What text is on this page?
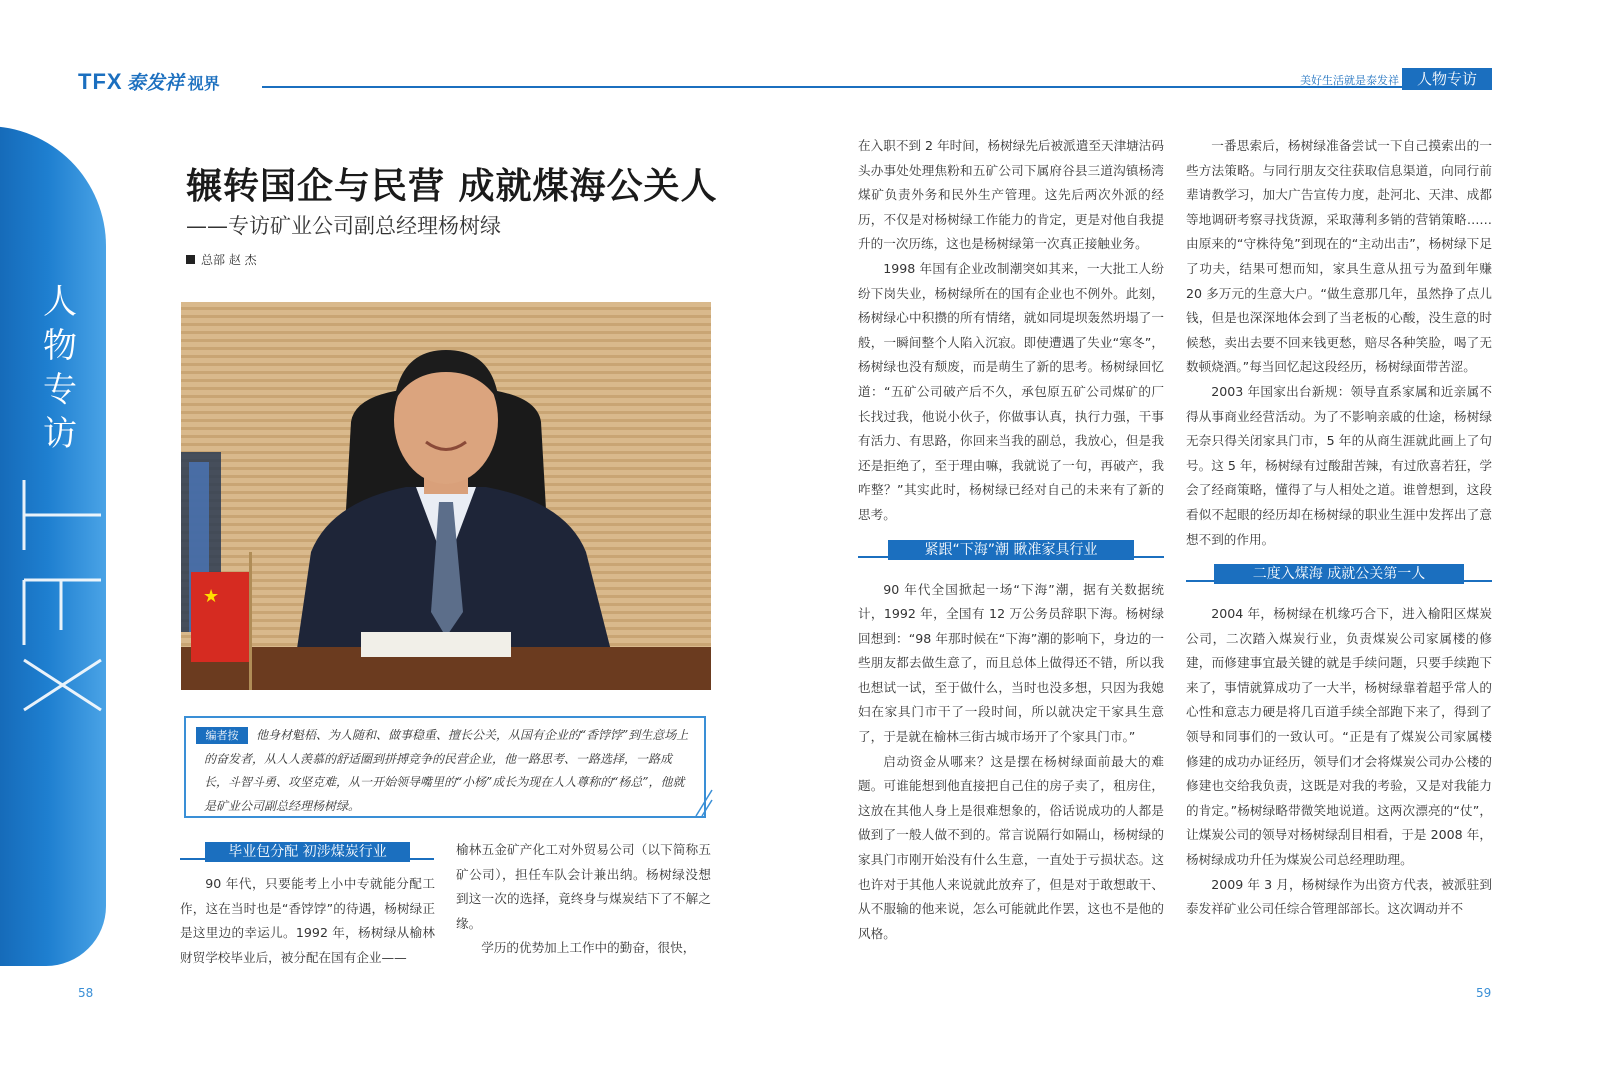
TFX 泰发祥 视界	美好生活就是泰发祥	人物专访
人物专访
辗转国企与民营 成就煤海公关人
——专访矿业公司副总经理杨树绿
总部 赵 杰
★
他身材魁梧、为人随和、做事稳重、擅长公关，从国有企业的“香饽饽”到生意场上的奋发者，从人人羡慕的舒适圈到拼搏竞争的民营企业，他一路思考、一路选择，一路成长，斗智斗勇、攻坚克难，从一开始领导嘴里的“小杨”成长为现在人人尊称的“杨总”，他就是矿业公司副总经理杨树绿。
编者按
毕业包分配 初涉煤炭行业

90 年代，只要能考上小中专就能分配工作，这在当时也是“香饽饽”的待遇，杨树绿正是这里边的幸运儿。1992 年，杨树绿从榆林财贸学校毕业后，被分配在国有企业——

榆林五金矿产化工对外贸易公司（以下简称五矿公司），担任车队会计兼出纳。杨树绿没想到这一次的选择，竟终身与煤炭结下了不解之缘。

学历的优势加上工作中的勤奋，很快，

在入职不到 2 年时间，杨树绿先后被派遣至天津塘沽码头办事处处理焦粉和五矿公司下属府谷县三道沟镇杨湾煤矿负责外务和民外生产管理。这先后两次外派的经历，不仅是对杨树绿工作能力的肯定，更是对他自我提升的一次历练，这也是杨树绿第一次真正接触业务。

1998 年国有企业改制潮突如其来，一大批工人纷纷下岗失业，杨树绿所在的国有企业也不例外。此刻，杨树绿心中积攒的所有情绪，就如同堤坝轰然坍塌了一般，一瞬间整个人陷入沉寂。即使遭遇了失业“寒冬”，杨树绿也没有颓废，而是萌生了新的思考。杨树绿回忆道：“五矿公司破产后不久，承包原五矿公司煤矿的厂长找过我，他说小伙子，你做事认真，执行力强，干事有活力、有思路，你回来当我的副总，我放心，但是我还是拒绝了，至于理由嘛，我就说了一句，再破产，我咋整？”其实此时，杨树绿已经对自己的未来有了新的思考。

紧跟“下海”潮 瞅准家具行业

90 年代全国掀起一场“下海”潮，据有关数据统计，1992 年，全国有 12 万公务员辞职下海。杨树绿回想到：“98 年那时候在“下海”潮的影响下，身边的一些朋友都去做生意了，而且总体上做得还不错，所以我也想试一试，至于做什么，当时也没多想，只因为我媳妇在家具门市干了一段时间，所以就决定干家具生意了，于是就在榆林三街古城市场开了个家具门市。”

启动资金从哪来？这是摆在杨树绿面前最大的难题。可谁能想到他直接把自己住的房子卖了，租房住，这放在其他人身上是很难想象的，俗话说成功的人都是做到了一般人做不到的。常言说隔行如隔山，杨树绿的家具门市刚开始没有什么生意，一直处于亏损状态。这也许对于其他人来说就此放弃了，但是对于敢想敢干、从不服输的他来说，怎么可能就此作罢，这也不是他的风格。

一番思索后，杨树绿准备尝试一下自己摸索出的一些方法策略。与同行朋友交往获取信息渠道，向同行前辈请教学习，加大广告宣传力度，赴河北、天津、成都等地调研考察寻找货源，采取薄利多销的营销策略……由原来的“守株待兔”到现在的“主动出击”，杨树绿下足了功夫，结果可想而知，家具生意从扭亏为盈到年赚 20 多万元的生意大户。“做生意那几年，虽然挣了点儿钱，但是也深深地体会到了当老板的心酸，没生意的时候愁，卖出去要不回来钱更愁，赔尽各种笑脸，喝了无数顿烧酒。”每当回忆起这段经历，杨树绿面带苦涩。

2003 年国家出台新规：领导直系家属和近亲属不得从事商业经营活动。为了不影响亲戚的仕途，杨树绿无奈只得关闭家具门市，5 年的从商生涯就此画上了句号。这 5 年，杨树绿有过酸甜苦辣，有过欣喜若狂，学会了经商策略，懂得了与人相处之道。谁曾想到，这段看似不起眼的经历却在杨树绿的职业生涯中发挥出了意想不到的作用。

二度入煤海 成就公关第一人

2004 年，杨树绿在机缘巧合下，进入榆阳区煤炭公司，二次踏入煤炭行业，负责煤炭公司家属楼的修建，而修建事宜最关键的就是手续问题，只要手续跑下来了，事情就算成功了一大半，杨树绿靠着超乎常人的心性和意志力硬是将几百道手续全部跑下来了，得到了领导和同事们的一致认可。“正是有了煤炭公司家属楼修建的成功办证经历，领导们才会将煤炭公司办公楼的修建也交给我负责，这既是对我的考验，又是对我能力的肯定。”杨树绿略带微笑地说道。这两次漂亮的“仗”，让煤炭公司的领导对杨树绿刮目相看，于是 2008 年，杨树绿成功升任为煤炭公司总经理助理。

2009 年 3 月，杨树绿作为出资方代表，被派驻到泰发祥矿业公司任综合管理部部长。这次调动并不

58	59
